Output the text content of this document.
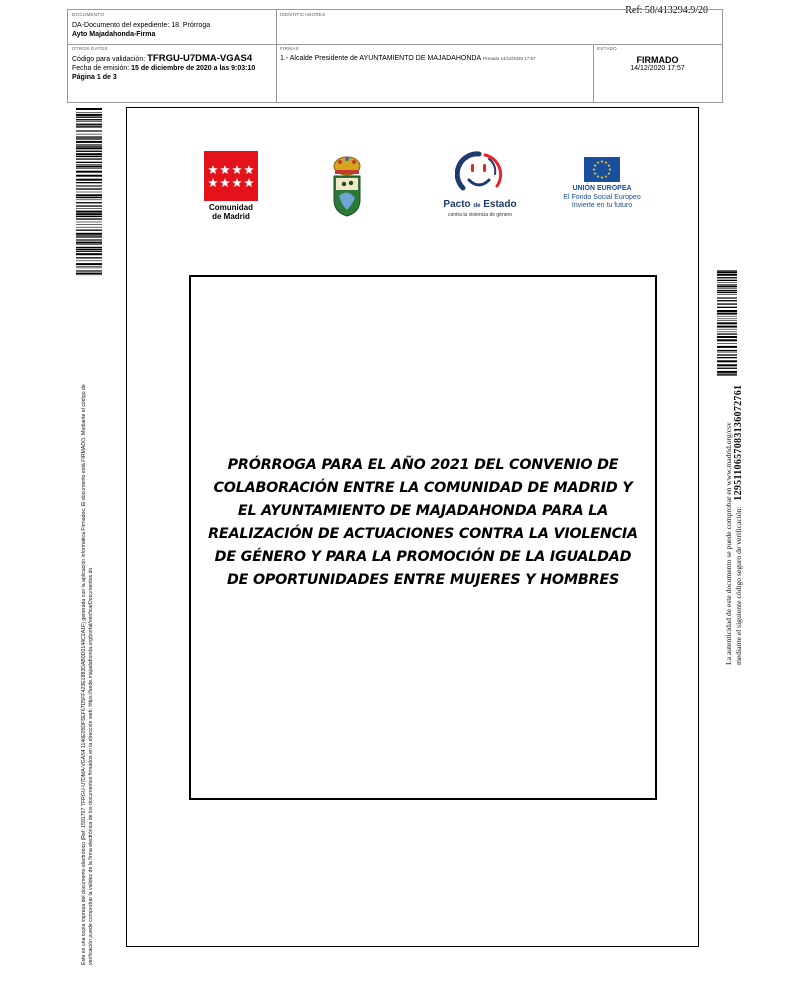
Ref: 58/413294.9/20
DOCUMENTO
DA-Documento del expediente: 18. Prórroga
Ayto Majadahonda-Firma
IDENTIFICADORES
OTROS DATOS
Código para validación: TFRGU-U7DMA-VGAS4
Fecha de emisión: 15 de diciembre de 2020 a las 9:03:10
Página 1 de 3
FIRMAS
1.- Alcalde Presidente de AYUNTAMIENTO DE MAJADAHONDA Firmado 14/12/2020 17:57
ESTADO
FIRMADO
14/12/2020 17:57
Este es una copia impresa del documento electrónico (Ref: 1591767 TFRGU-U7DMA-VGAS4 1146E05DF5EF67D5FF423E1883DAB0D0144C2A1F) generada con la aplicación informática Firmadoc. El documento está FIRMADO. Mediante el código de verificación puede comprobar la validez de la firma electrónica de los documentos firmados en la dirección web: https://sede.majadahonda.org/portal/verificarDocumentos.do
La autenticidad de este documento se puede comprobar en www.madrid.org/csv mediante el siguiente código seguro de verificación:   1295110657083136072761
Comunidad
de Madrid
Pacto de Estado
contra la violencia de género
UNIÓN EUROPEA
El Fondo Social Europeo
Invierte en tu futuro
PRÓRROGA PARA EL AÑO 2021 DEL CONVENIO DE COLABORACIÓN ENTRE LA COMUNIDAD DE MADRID Y EL AYUNTAMIENTO DE MAJADAHONDA PARA LA REALIZACIÓN DE ACTUACIONES CONTRA LA VIOLENCIA DE GÉNERO Y PARA LA PROMOCIÓN DE LA IGUALDAD DE OPORTUNIDADES ENTRE MUJERES Y HOMBRES
